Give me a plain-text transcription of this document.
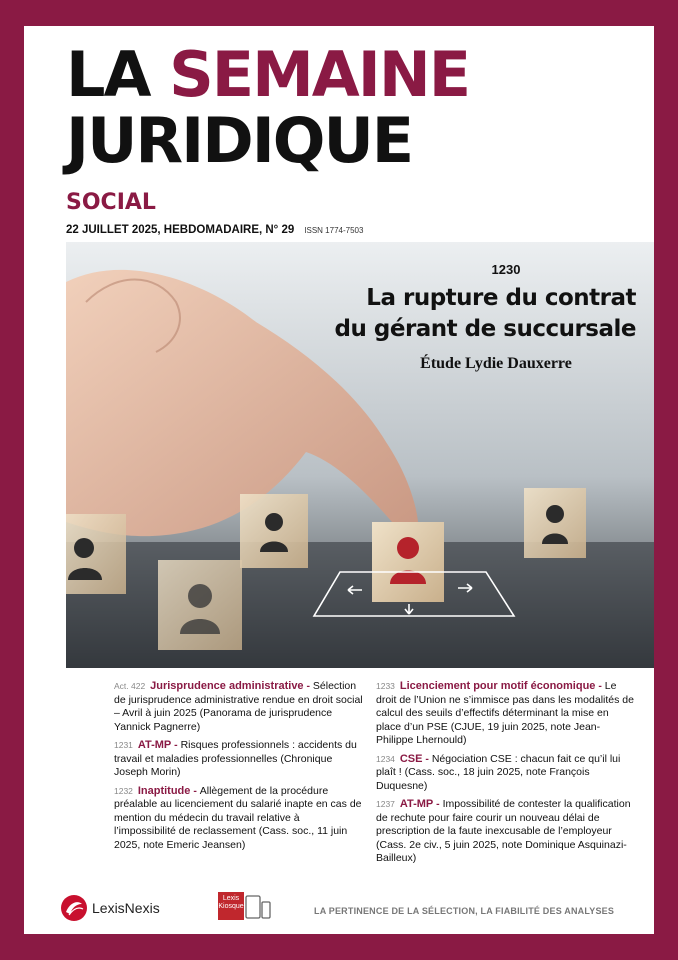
LA SEMAINE
JURIDIQUE
SOCIAL
22 JUILLET 2025, HEBDOMADAIRE, N° 29 ISSN 1774-7503
1230
La rupture du contrat
du gérant de succursale
Étude Lydie Dauxerre
Act. 422 Jurisprudence administrative - Sélection de jurisprudence administrative rendue en droit social – Avril à juin 2025 (Panorama de jurisprudence Yannick Pagnerre)
1231 AT-MP - Risques professionnels : accidents du travail et maladies professionnelles (Chronique Joseph Morin)
1232 Inaptitude - Allègement de la procédure préalable au licenciement du salarié inapte en cas de mention du médecin du travail relative à l’impossibilité de reclassement (Cass. soc., 11 juin 2025, note Emeric Jeansen)
1233 Licenciement pour motif économique - Le droit de l’Union ne s’immisce pas dans les modalités de calcul des seuils d’effectifs déterminant la mise en place d’un PSE (CJUE, 19 juin 2025, note Jean-Philippe Lhernould)
1234 CSE - Négociation CSE : chacun fait ce qu’il lui plaît ! (Cass. soc., 18 juin 2025, note François Duquesne)
1237 AT-MP - Impossibilité de contester la qualification de rechute pour faire courir un nouveau délai de prescription de la faute inexcusable de l’employeur (Cass. 2e civ., 5 juin 2025, note Dominique Asquinazi-Bailleux)
LexisNexis
Lexis
Kiosque	LA PERTINENCE DE LA SÉLECTION, LA FIABILITÉ DES ANALYSES
